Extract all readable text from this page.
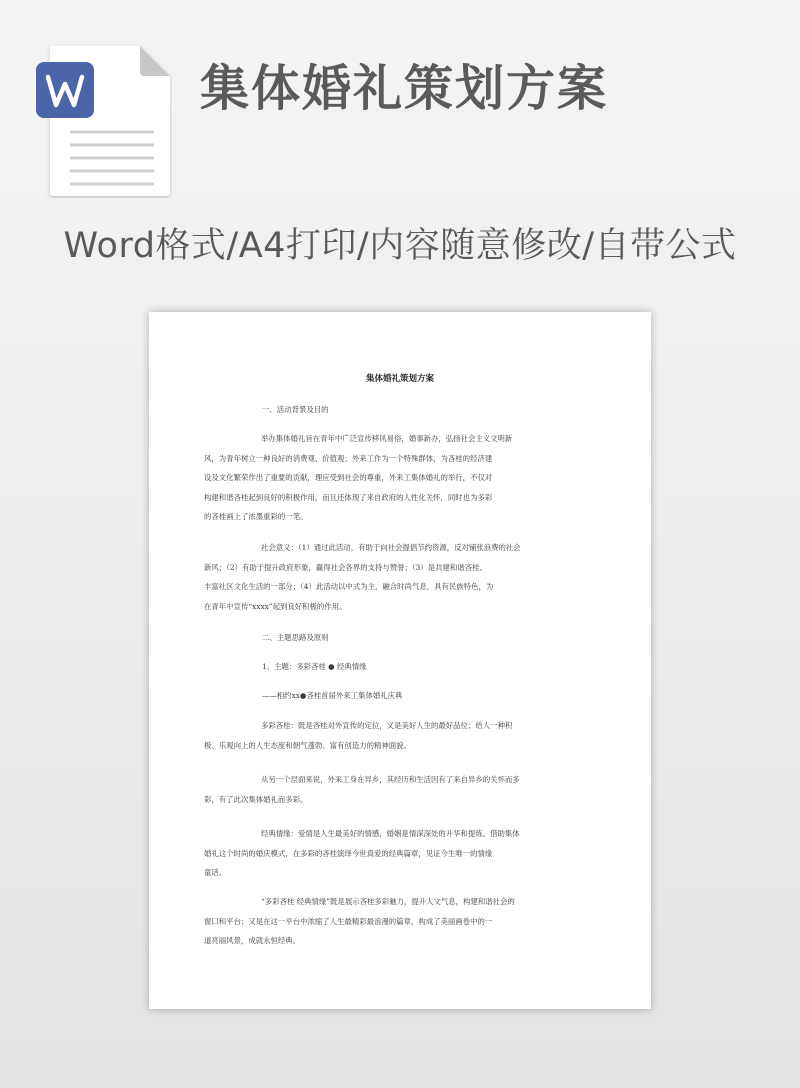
集体婚礼策划方案
Word格式/A4打印/内容随意修改/自带公式
集体婚礼策划方案
一、活动背景及目的
举办集体婚礼旨在青年中广泛宣传移风易俗，婚事新办，弘扬社会主义文明新
风，为青年树立一种良好的消费观、价值观；外来工作为一个特殊群体，为吝桂的经济建
设及文化繁荣作出了重要的贡献，理应受到社会的尊重，外来工集体婚礼的举行，不仅对
构建和谐吝桂起到良好的积极作用，而且还体现了来自政府的人性化关怀，同时也为多彩
的吝桂画上了浓墨重彩的一笔。
社会意义：（1）通过此活动，有助于向社会提倡节约资源，反对铺张浪费的社会
新风；（2）有助于提升政府形象，赢得社会各界的支持与赞誉；（3）是共建和谐吝桂、
丰富社区文化生活的一部分；（4）此活动以中式为主，融合时尚气息，具有民族特色，为
在青年中宣传“xxxx”起到良好积极的作用。
二、主题思路及原则
1、主题：多彩吝桂 ● 经典情缘
——相约xx●吝桂首届外来工集体婚礼庆典
多彩吝桂：既是吝桂对外宣传的定位，又是美好人生的最好品位；给人一种积
极、乐观向上的人生态度和朝气蓬勃、富有创造力的精神面貌。
从另一个层面来说，外来工身在异乡，其经历和生活因有了来自异乡的关怀而多
彩，有了此次集体婚礼而多彩。
经典情缘：爱情是人生最美好的情感，婚姻是情深深处的升华和提炼，借助集体
婚礼这个时尚的婚庆模式，在多彩的吝桂演绎今世真爱的经典篇章，见证今生唯一的情缘
童话。
“多彩吝桂 经典情缘”既是展示吝桂多彩魅力，提升人文气息，构建和谐社会的
窗口和平台；又是在这一平台中浓缩了人生最精彩最浪漫的篇章，构成了美丽画卷中的一
道亮丽风景，成就永恒经典。
